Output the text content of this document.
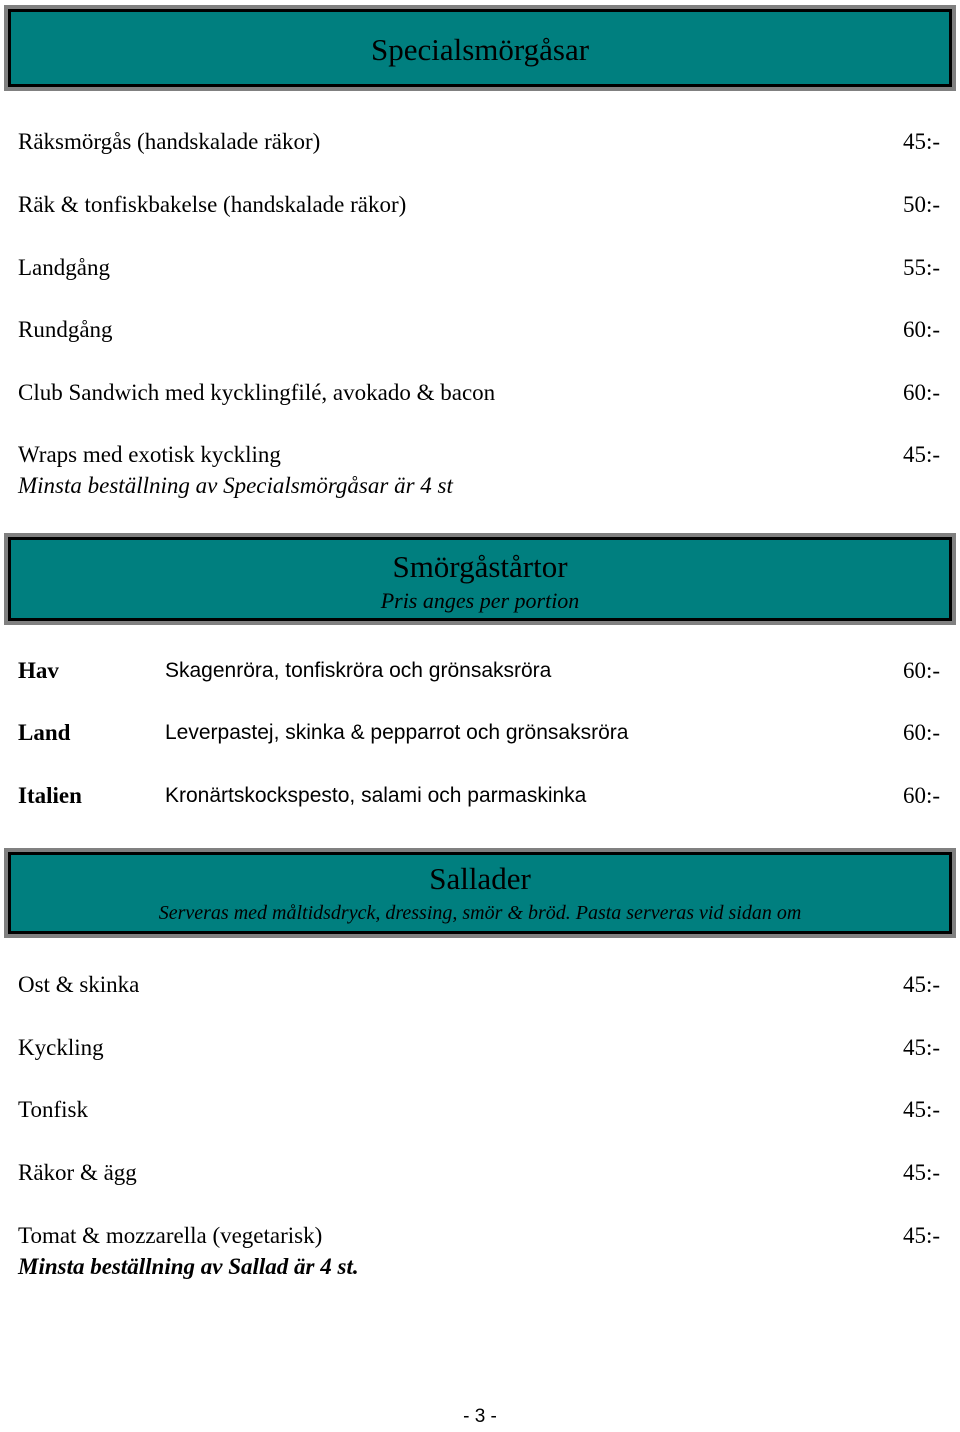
Specialsmörgåsar
Räksmörgås (handskalade räkor)	45:-
Räk & tonfiskbakelse (handskalade räkor)	50:-
Landgång	55:-
Rundgång	60:-
Club Sandwich med kycklingfilé, avokado & bacon	60:-
Wraps med exotisk kyckling	45:-
Minsta beställning av Specialsmörgåsar är 4 st
Smörgåstårtor
Pris anges per portion
Hav	Skagenröra, tonfiskröra och grönsaksröra	60:-
Land	Leverpastej, skinka & pepparrot och grönsaksröra	60:-
Italien	Kronärtskockspesto, salami och parmaskinka	60:-
Sallader
Serveras med måltidsdryck, dressing, smör & bröd. Pasta serveras vid sidan om
Ost & skinka	45:-
Kyckling	45:-
Tonfisk	45:-
Räkor & ägg	45:-
Tomat & mozzarella (vegetarisk)	45:-
Minsta beställning av Sallad är 4 st.
- 3 -
